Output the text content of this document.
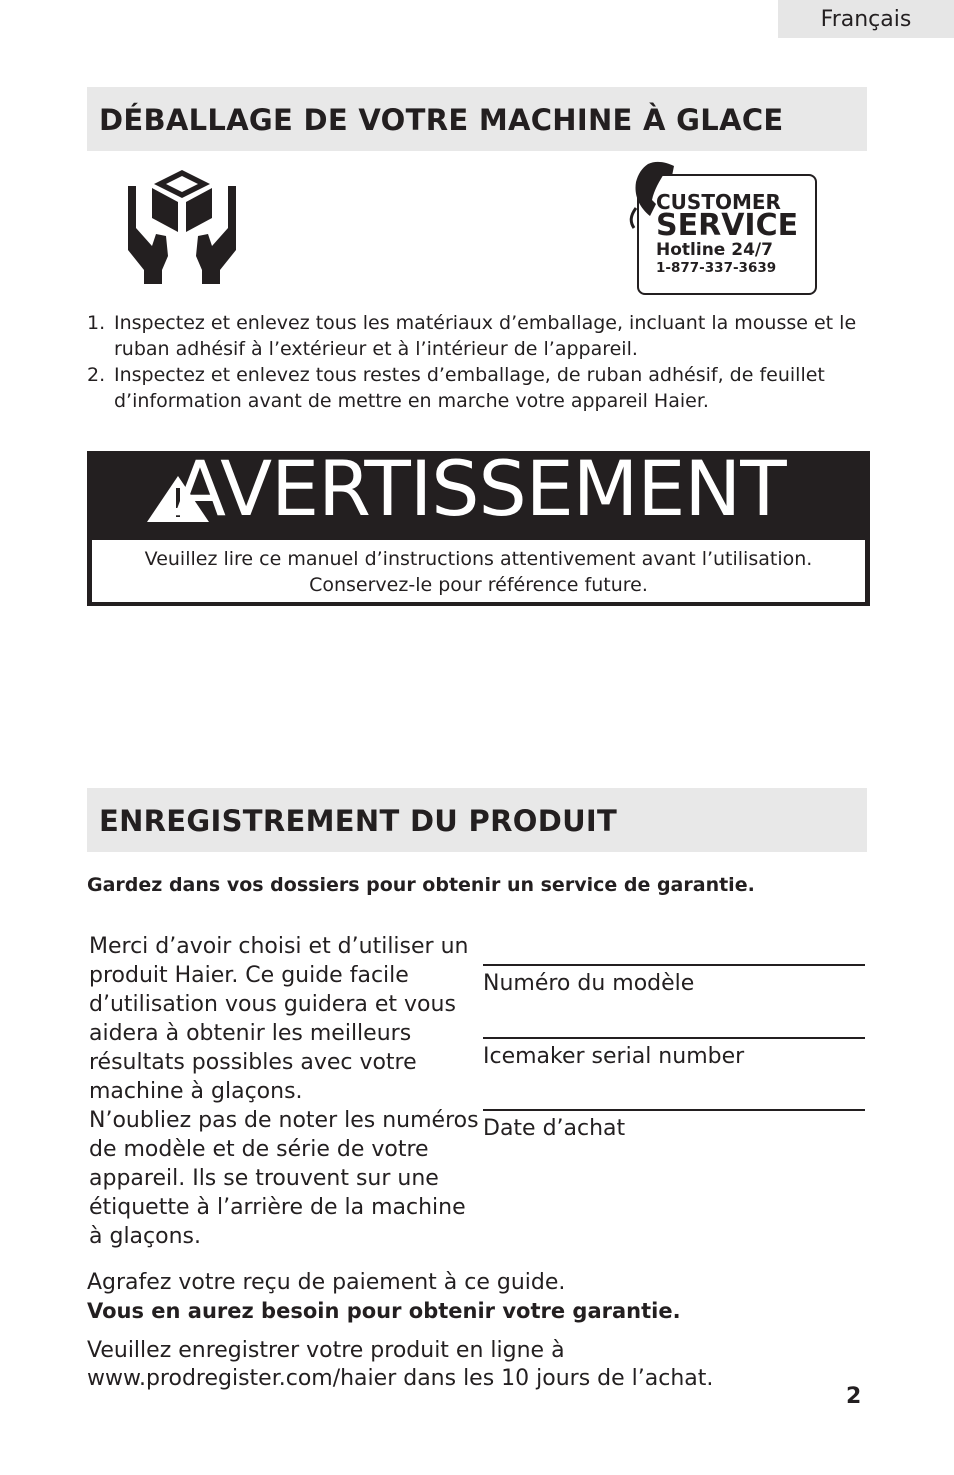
Français
DÉBALLAGE DE VOTRE MACHINE À GLACE
CUSTOMER
SERVICE
Hotline 24/7
1-877-337-3639
1. Inspectez et enlevez tous les matériaux d’emballage, incluant la mousse et le ruban adhésif à l’extérieur et à l’intérieur de l’appareil.
2. Inspectez et enlevez tous restes d’emballage, de ruban adhésif, de feuillet d’information avant de mettre en marche votre appareil Haier.
AVERTISSEMENT
Veuillez lire ce manuel d’instructions attentivement avant l’utilisation.
Conservez-le pour référence future.
ENREGISTREMENT DU PRODUIT
Gardez dans vos dossiers pour obtenir un service de garantie.

Merci d’avoir choisi et d’utiliser un produit Haier. Ce guide facile d’utilisation vous guidera et vous aidera à obtenir les meilleurs résultats possibles avec votre machine à glaçons.

N’oubliez pas de noter les numéros de modèle et de série de votre appareil. Ils se trouvent sur une étiquette à l’arrière de la machine à glaçons.

Numéro du modèle
Icemaker serial number
Date d’achat

Agrafez votre reçu de paiement à ce guide.

Vous en aurez besoin pour obtenir votre garantie.

Veuillez enregistrer votre produit en ligne à www.prodregister.com/haier dans les 10 jours de l’achat.

2
